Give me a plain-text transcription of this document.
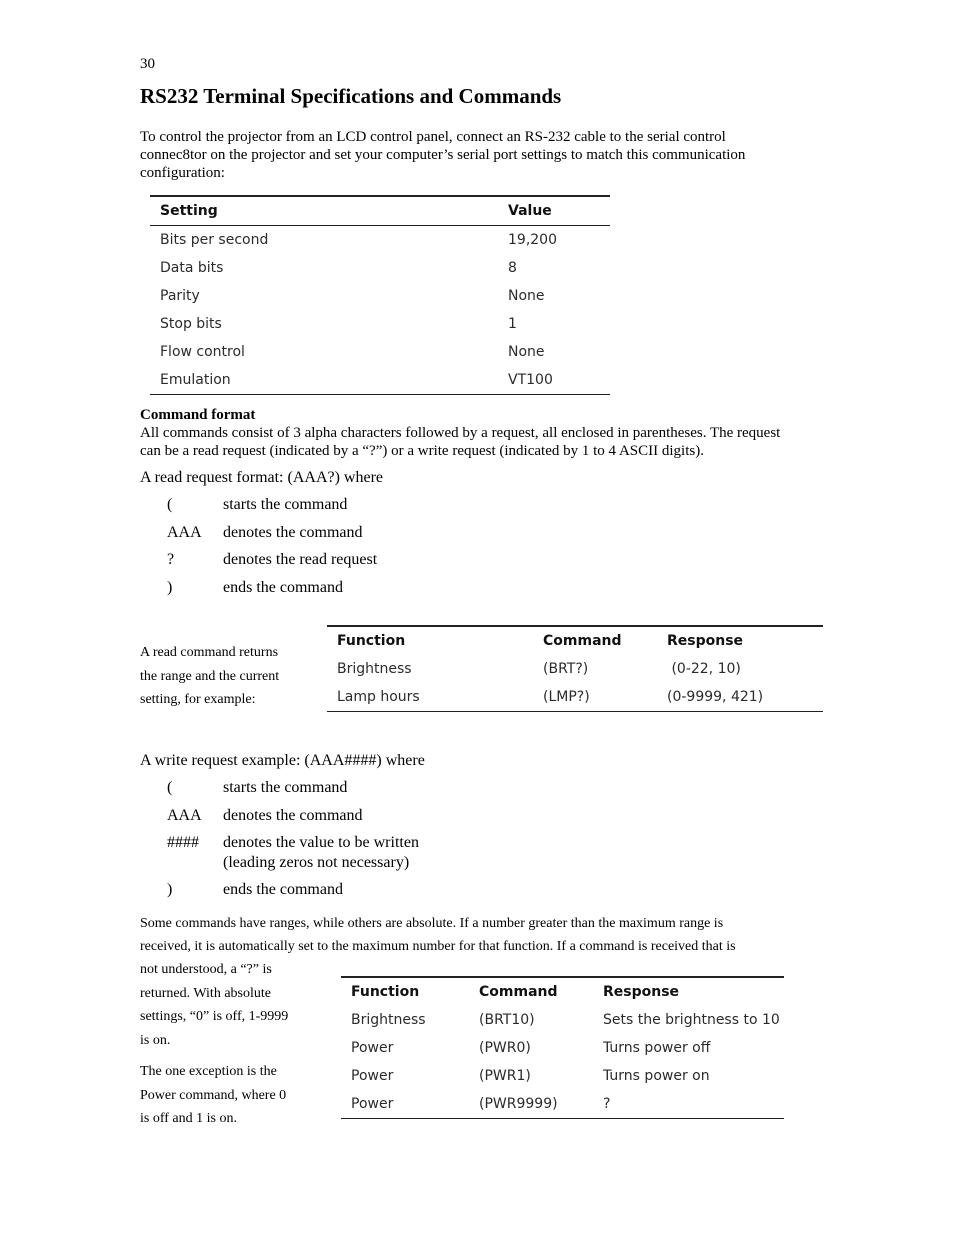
30
RS232 Terminal Specifications and Commands
To control the projector from an LCD control panel, connect an RS-232 cable to the serial control
connec8tor on the projector and set your computer’s serial port settings to match this communication
configuration:
Setting	Value
Bits per second	19,200
Data bits	8
Parity	None
Stop bits	1
Flow control	None
Emulation	VT100
Command format
All commands consist of 3 alpha characters followed by a request, all enclosed in parentheses. The request
can be a read request (indicated by a “?”) or a write request (indicated by 1 to 4 ASCII digits).
A read request format: (AAA?) where
(	starts the command
AAA denotes the command
?	denotes the read request
)	ends the command
A read command returns
the range and the current
setting, for example:
Function	Command	Response
Brightness	(BRT?)	(0-22, 10)
Lamp hours	(LMP?)	(0-9999, 421)
A write request example: (AAA####) where
(	starts the command
AAA denotes the command
#### denotes the value to be written
(leading zeros not necessary)
)	ends the command
Some commands have ranges, while others are absolute. If a number greater than the maximum range is
received, it is automatically set to the maximum number for that function. If a command is received that is
not understood, a “?” is
returned. With absolute
settings, “0” is off, 1-9999
is on.
The one exception is the
Power command, where 0
is off and 1 is on.
Function	Command	Response
Brightness	(BRT10)	Sets the brightness to 10
Power	(PWR0)	Turns power off
Power	(PWR1)	Turns power on
Power	(PWR9999)	?
